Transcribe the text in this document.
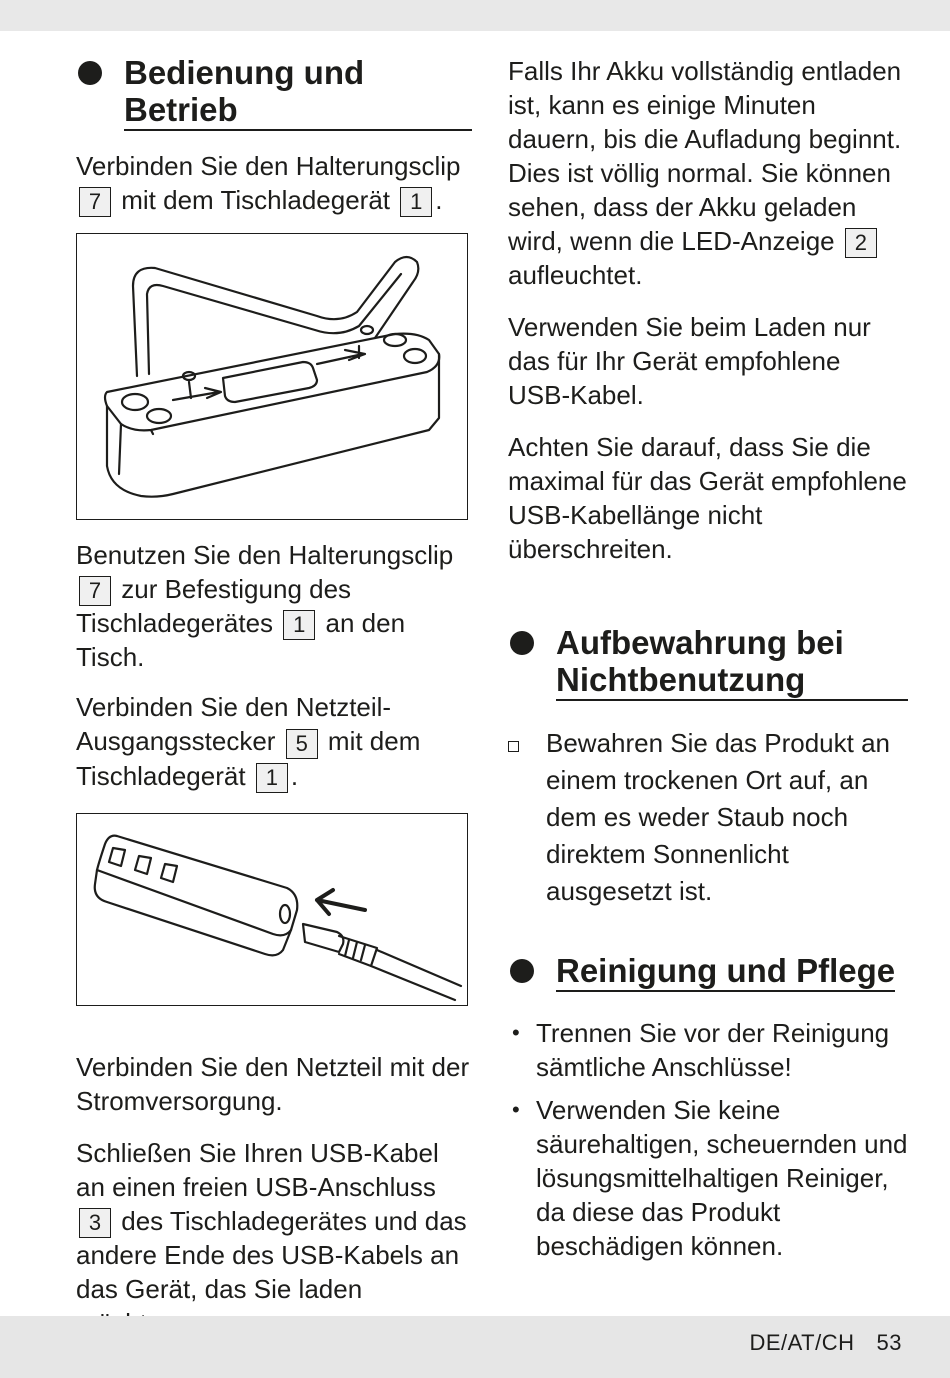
Bedienung und Betrieb

Verbinden Sie den Halterungsclip
7 mit dem Tischladegerät 1 .

Benutzen Sie den Halterungsclip
7 zur Befestigung des Tischladegerätes 1 an den Tisch.

Verbinden Sie den Netzteil-Ausgangsstecker 5 mit dem Tischladegerät 1 .

Verbinden Sie den Netzteil mit der Stromversorgung.

Schließen Sie Ihren USB-Kabel an einen freien USB-Anschluss 3 des Tischladegerätes und das andere Ende des USB-Kabels an das Gerät, das Sie laden

Falls Ihr Akku vollständig entladen ist, kann es einige Minuten dauern, bis die Aufladung beginnt. Dies ist völlig normal. Sie können sehen, dass der Akku geladen wird, wenn die LED-Anzeige 2 aufleuchtet.

Verwenden Sie beim Laden nur das für Ihr Gerät empfohlene USB-Kabel.

Achten Sie darauf, dass Sie die maximal für das Gerät empfohlene USB-Kabellänge nicht überschreiten.

Aufbewahrung bei Nichtbenutzung
Bewahren Sie das Produkt an einem trockenen Ort auf, an dem es weder Staub noch direktem Sonnenlicht ausgesetzt ist.
Reinigung und Pflege
• Trennen Sie vor der Reinigung sämtliche Anschlüsse!
• Verwenden Sie keine säurehaltigen, scheuernden und lösungsmittelhaltigen Reiniger, da diese das Produkt beschädigen können.
DE/AT/CH 53
